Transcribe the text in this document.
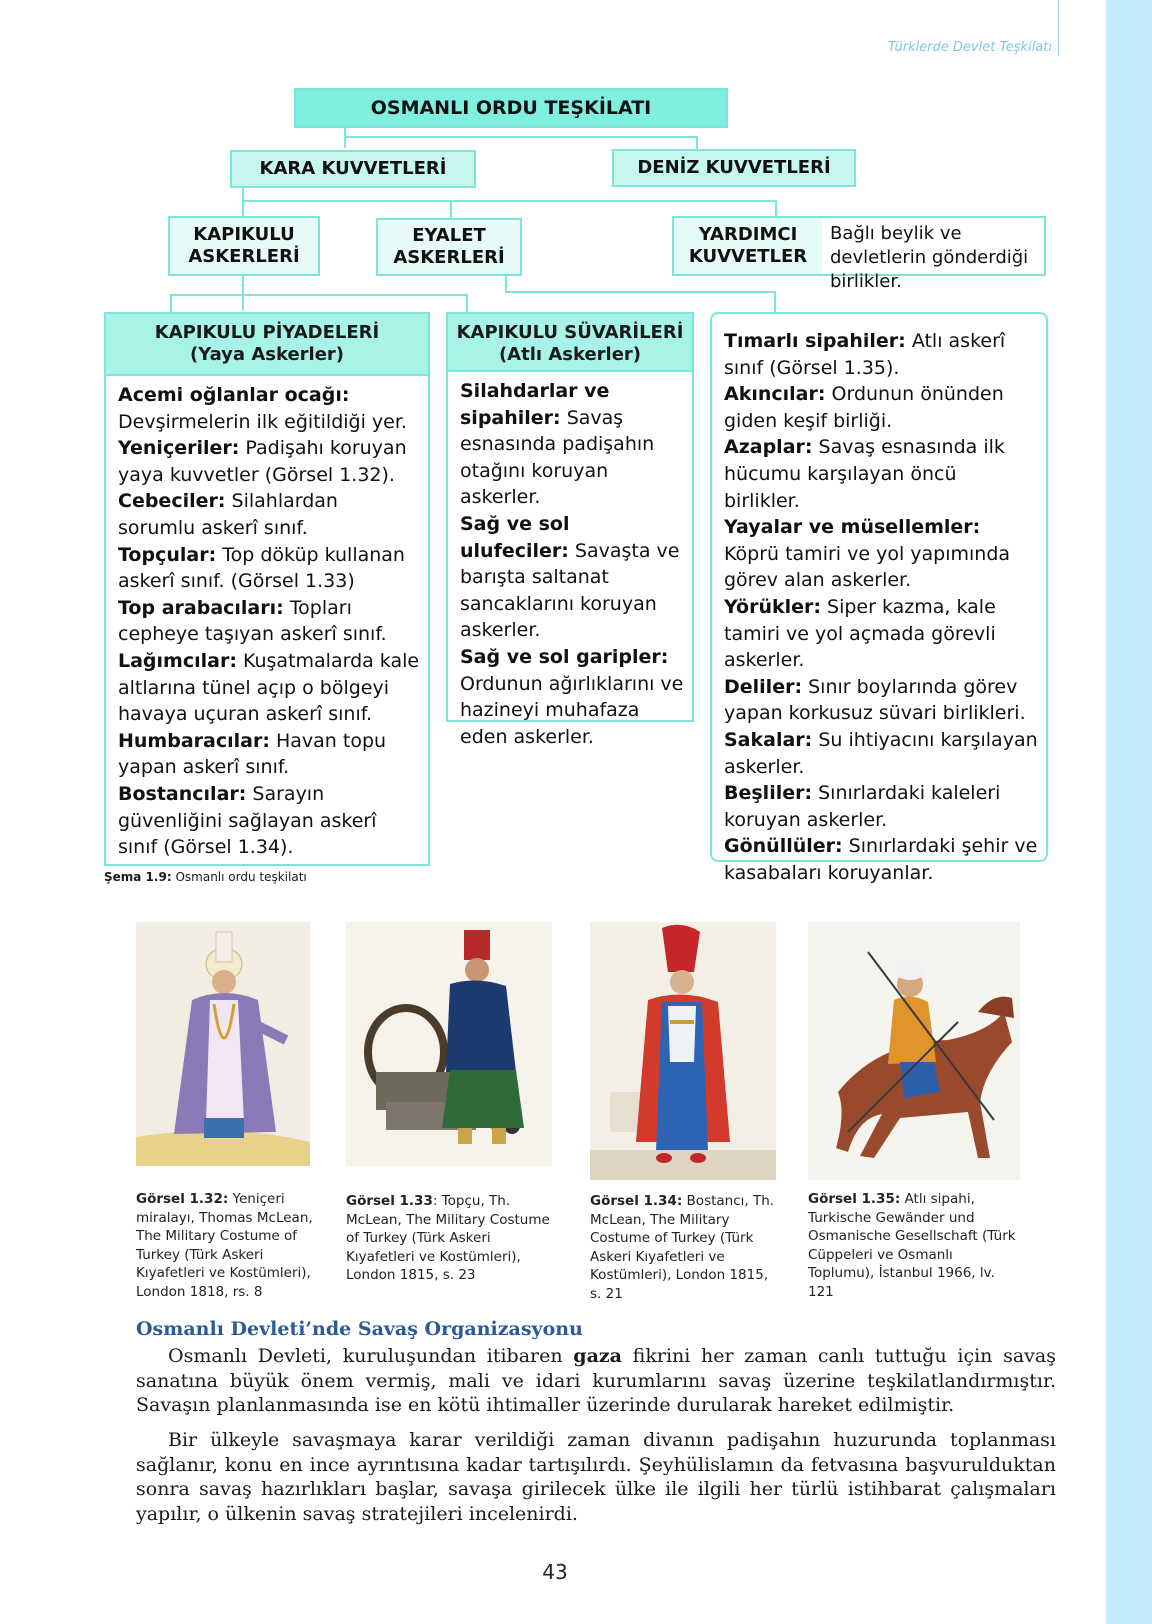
Türklerde Devlet Teşkilatı
OSMANLI ORDU TEŞKİLATI
KARA KUVVETLERİ	DENİZ KUVVETLERİ
KAPIKULU ASKERLERİ
EYALET ASKERLERİ
YARDIMCI KUVVETLER
Bağlı beylik ve devletlerin gönderdiği birlikler.
KAPIKULU PİYADELERİ
(Yaya Askerler)
Acemi oğlanlar ocağı: Devşirmelerin ilk eğitildiği yer.
Yeniçeriler: Padişahı koruyan yaya kuvvetler (Görsel 1.32).
Cebeciler: Silahlardan sorumlu askerî sınıf.
Topçular: Top döküp kullanan askerî sınıf. (Görsel 1.33)
Top arabacıları: Topları cepheye taşıyan askerî sınıf.
Lağımcılar: Kuşatmalarda kale altlarına tünel açıp o bölgeyi havaya uçuran askerî sınıf.
Humbaracılar: Havan topu yapan askerî sınıf.
Bostancılar: Sarayın güvenliğini sağlayan askerî sınıf (Görsel 1.34).
KAPIKULU SÜVARİLERİ
(Atlı Askerler)
Silahdarlar ve sipahiler: Savaş esnasında padişahın otağını koruyan askerler.
Sağ ve sol ulufeciler: Savaşta ve barışta saltanat sancaklarını koruyan askerler.
Sağ ve sol garipler: Ordunun ağırlıklarını ve hazineyi muhafaza eden askerler.
Tımarlı sipahiler: Atlı askerî sınıf (Görsel 1.35).
Akıncılar: Ordunun önünden giden keşif birliği.
Azaplar: Savaş esnasında ilk hücumu karşılayan öncü birlikler.
Yayalar ve müsellemler: Köprü tamiri ve yol yapımında görev alan askerler.
Yörükler: Siper kazma, kale tamiri ve yol açmada görevli askerler.
Deliler: Sınır boylarında görev yapan korkusuz süvari birlikleri.
Sakalar: Su ihtiyacını karşılayan askerler.
Beşliler: Sınırlardaki kaleleri koruyan askerler.
Gönüllüler: Sınırlardaki şehir ve kasabaları koruyanlar.
Şema 1.9: Osmanlı ordu teşkilatı
Görsel 1.32: Yeniçeri miralayı, Thomas McLean, The Military Costume of Turkey (Türk Askeri Kıyafetleri ve Kostümleri), London 1818, rs. 8
Görsel 1.33: Topçu, Th. McLean, The Military Costume of Turkey (Türk Askeri Kıyafetleri ve Kostümleri), London 1815, s. 23
Görsel 1.34: Bostancı, Th. McLean, The Military Costume of Turkey (Türk Askeri Kıyafetleri ve Kostümleri), London 1815, s. 21
Görsel 1.35: Atlı sipahi, Turkische Gewänder und Osmanische Gesellschaft (Türk Cüppeleri ve Osmanlı Toplumu), İstanbul 1966, lv. 121
Osmanlı Devleti’nde Savaş Organizasyonu
Osmanlı Devleti, kuruluşundan itibaren gaza fikrini her zaman canlı tuttuğu için savaş sanatına büyük önem vermiş, mali ve idari kurumlarını savaş üzerine teşkilatlandırmıştır. Savaşın planlanmasında ise en kötü ihtimaller üzerinde durularak hareket edilmiştir.
Bir ülkeyle savaşmaya karar verildiği zaman divanın padişahın huzurunda toplanması sağlanır, konu en ince ayrıntısına kadar tartışılırdı. Şeyhülislamın da fetvasına başvurulduktan sonra savaş hazırlıkları başlar, savaşa girilecek ülke ile ilgili her türlü istihbarat çalışmaları yapılır, o ülkenin savaş stratejileri incelenirdi.
43
